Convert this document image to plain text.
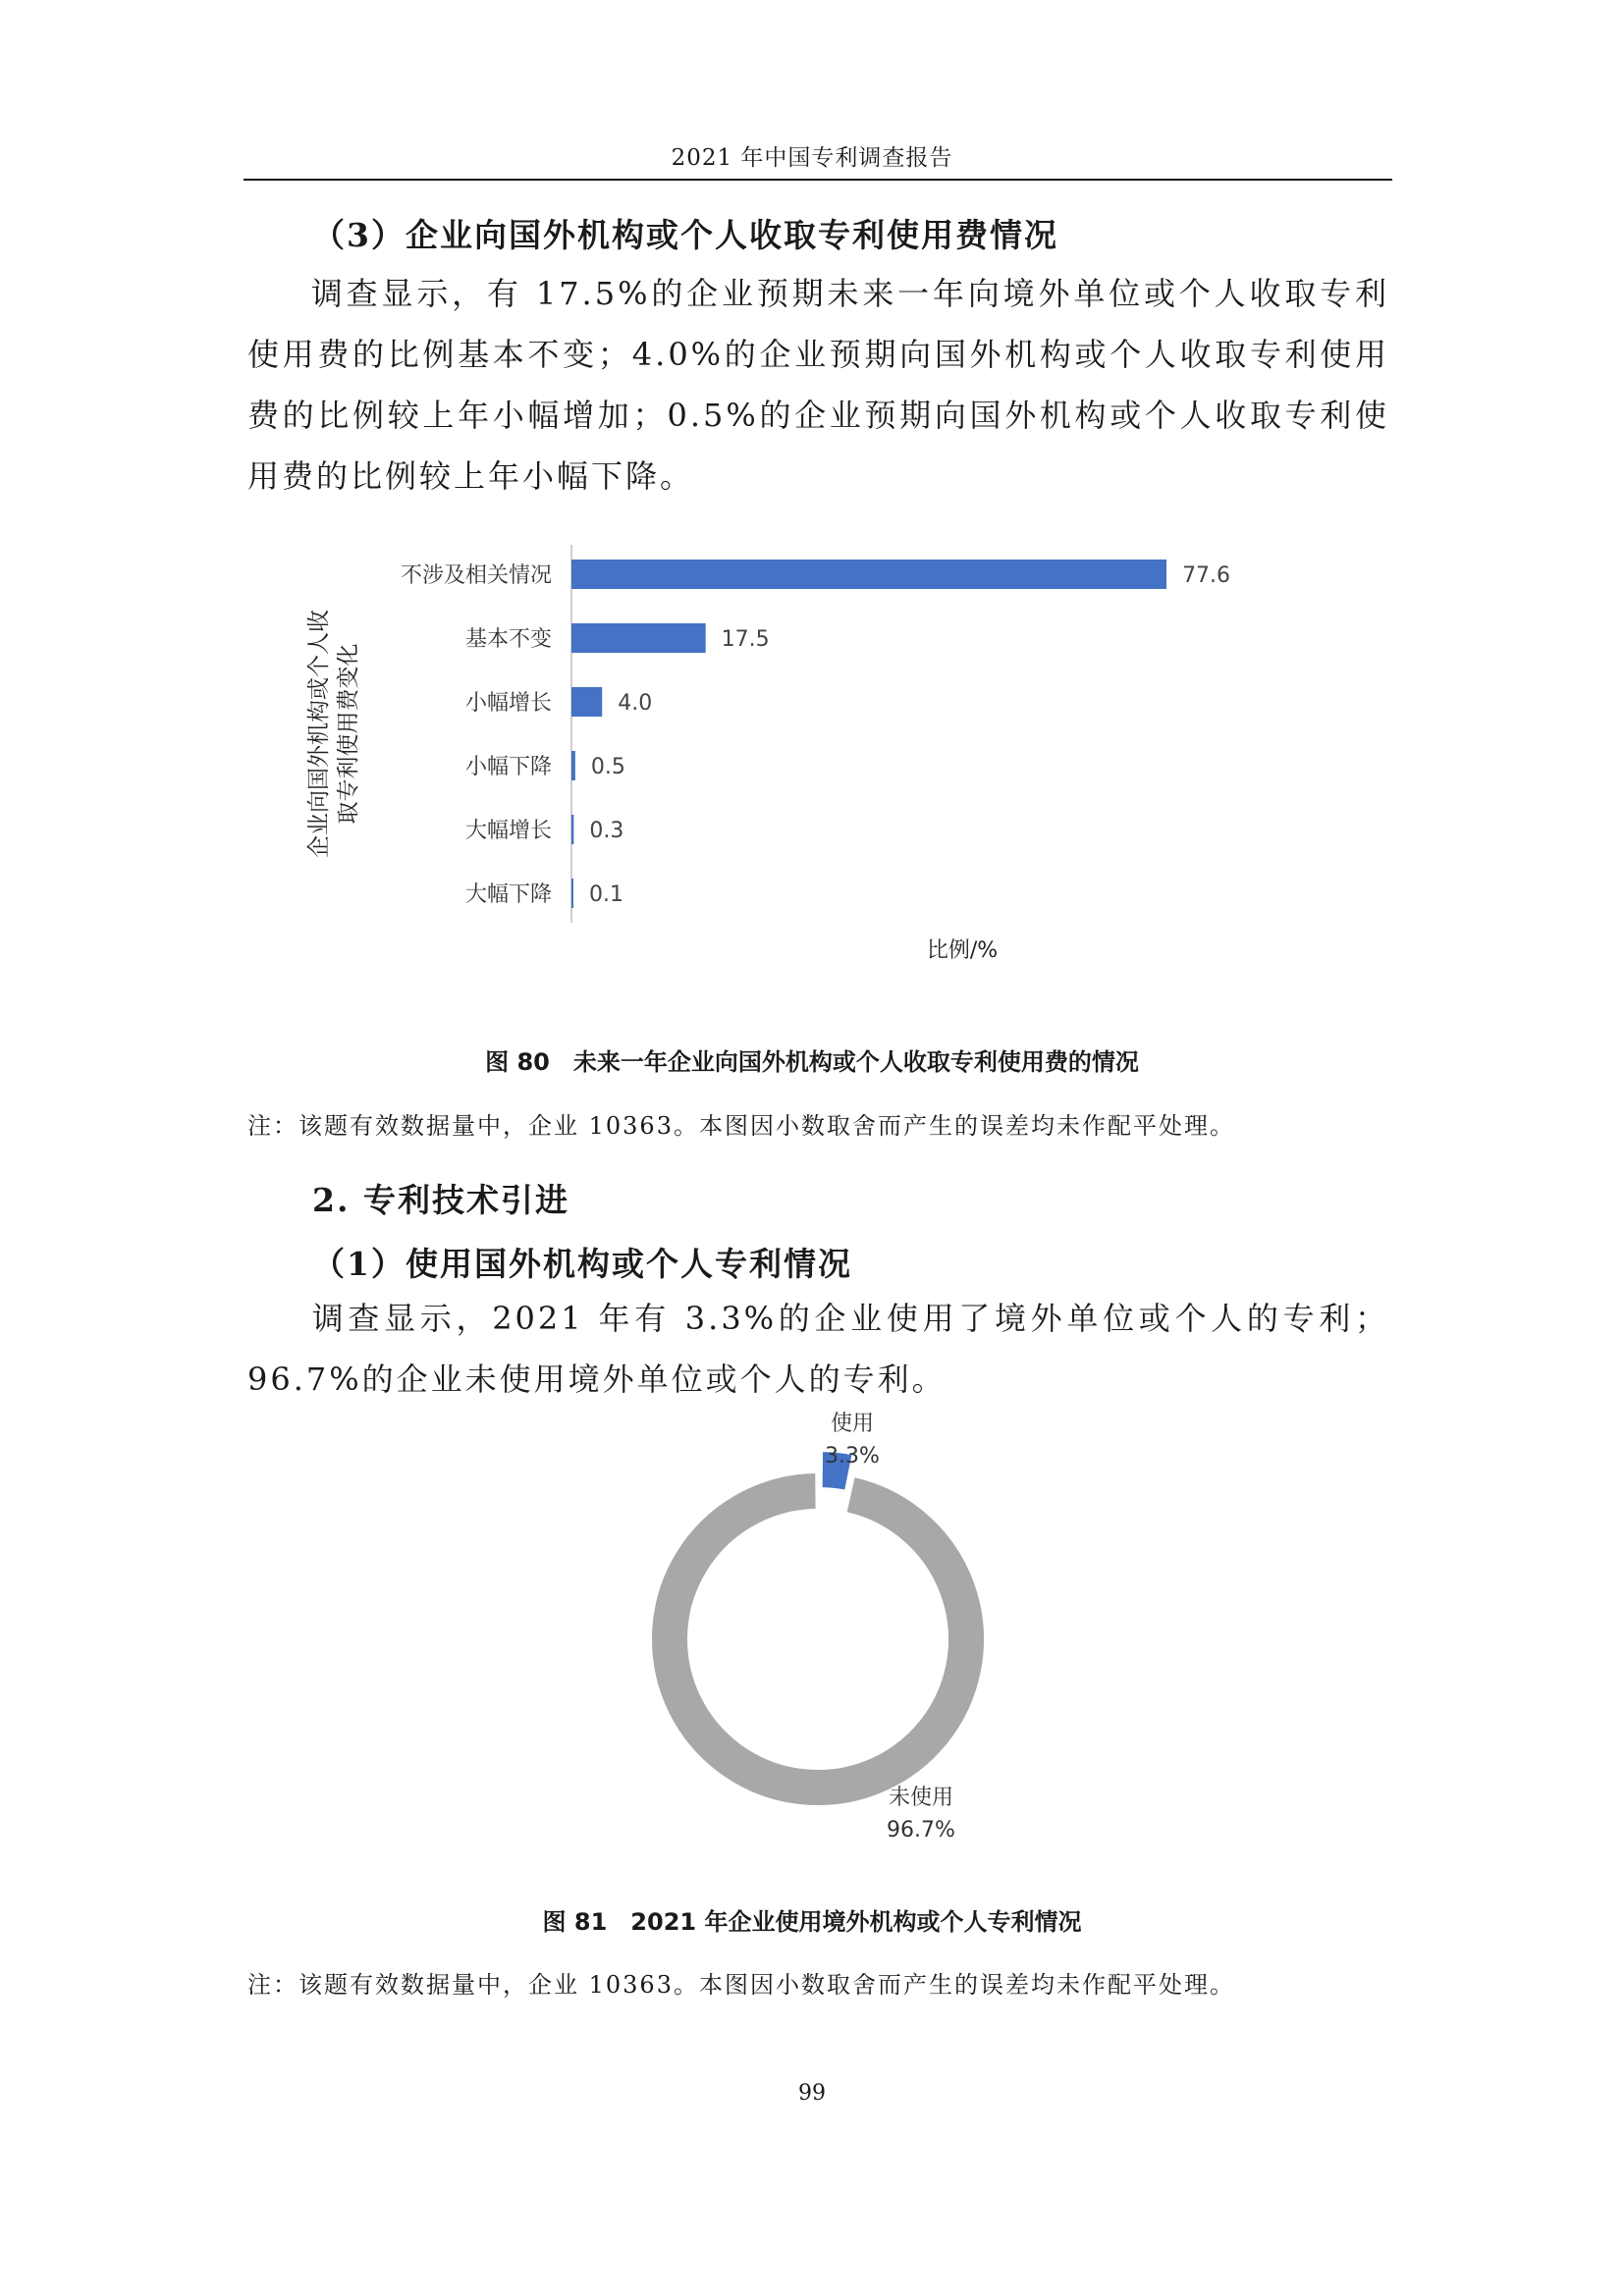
2021 年中国专利调查报告
（3）企业向国外机构或个人收取专利使用费情况
调查显示，有 17.5%的企业预期未来一年向境外单位或个人收取专利使用费的比例基本不变；4.0%的企业预期向国外机构或个人收取专利使用费的比例较上年小幅增加；0.5%的企业预期向国外机构或个人收取专利使用费的比例较上年小幅下降。
不涉及相关情况	77.6
基本不变	17.5
小幅增长	4.0
小幅下降 0.5
大幅增长 0.3
大幅下降 0.1
企业向国外机构或个人收 取专利使用费变化
比例/%
图 80　未来一年企业向国外机构或个人收取专利使用费的情况
注：该题有效数据量中，企业 10363。本图因小数取舍而产生的误差均未作配平处理。
2. 专利技术引进
（1）使用国外机构或个人专利情况
调查显示，2021 年有 3.3%的企业使用了境外单位或个人的专利；96.7%的企业未使用境外单位或个人的专利。
使用
3.3%
未使用
96.7%
图 81　2021 年企业使用境外机构或个人专利情况
注：该题有效数据量中，企业 10363。本图因小数取舍而产生的误差均未作配平处理。
99
